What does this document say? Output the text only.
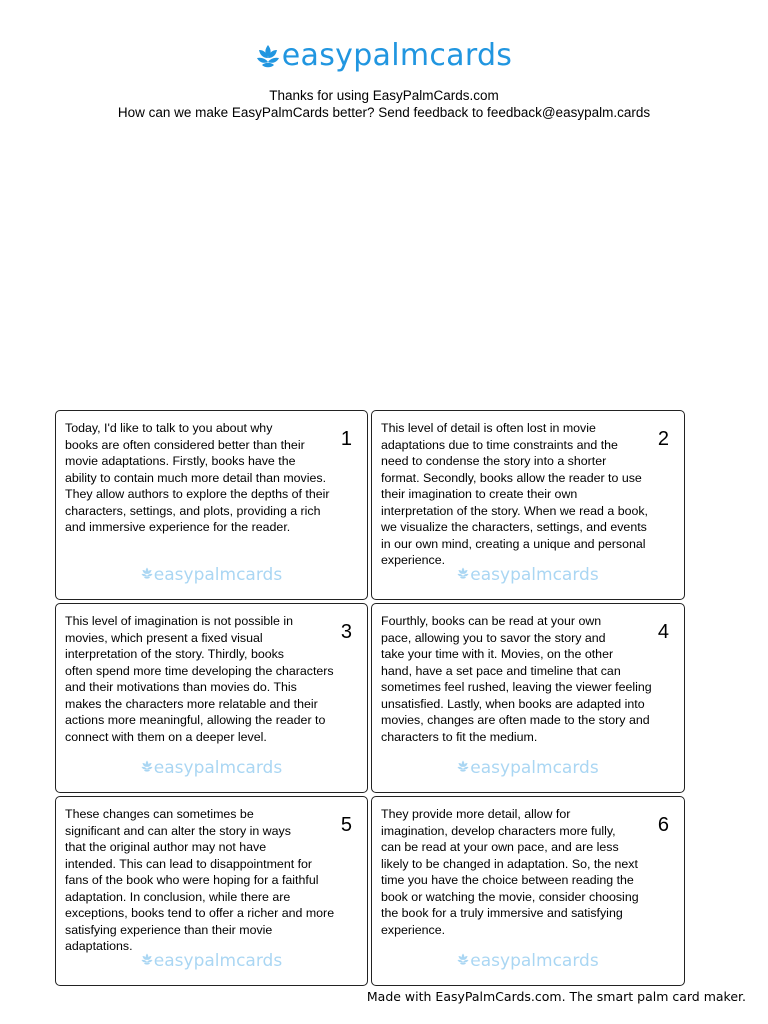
easypalmcards
Thanks for using EasyPalmCards.com
How can we make EasyPalmCards better? Send feedback to feedback@easypalm.cards
Today, I'd like to talk to you about why
books are often considered better than their
movie adaptations. Firstly, books have the
ability to contain much more detail than movies.
They allow authors to explore the depths of their
characters, settings, and plots, providing a rich
and immersive experience for the reader.
1
easypalmcards
This level of detail is often lost in movie
adaptations due to time constraints and the
need to condense the story into a shorter
format. Secondly, books allow the reader to use
their imagination to create their own
interpretation of the story. When we read a book,
we visualize the characters, settings, and events
in our own mind, creating a unique and personal
experience.
2
easypalmcards
This level of imagination is not possible in
movies, which present a fixed visual
interpretation of the story. Thirdly, books
often spend more time developing the characters
and their motivations than movies do. This
makes the characters more relatable and their
actions more meaningful, allowing the reader to
connect with them on a deeper level.
3
easypalmcards
Fourthly, books can be read at your own
pace, allowing you to savor the story and
take your time with it. Movies, on the other
hand, have a set pace and timeline that can
sometimes feel rushed, leaving the viewer feeling
unsatisfied. Lastly, when books are adapted into
movies, changes are often made to the story and
characters to fit the medium.
4
easypalmcards
These changes can sometimes be
significant and can alter the story in ways
that the original author may not have
intended. This can lead to disappointment for
fans of the book who were hoping for a faithful
adaptation. In conclusion, while there are
exceptions, books tend to offer a richer and more
satisfying experience than their movie
adaptations.
5
easypalmcards
They provide more detail, allow for
imagination, develop characters more fully,
can be read at your own pace, and are less
likely to be changed in adaptation. So, the next
time you have the choice between reading the
book or watching the movie, consider choosing
the book for a truly immersive and satisfying
experience.
6
easypalmcards
Made with EasyPalmCards.com. The smart palm card maker.
